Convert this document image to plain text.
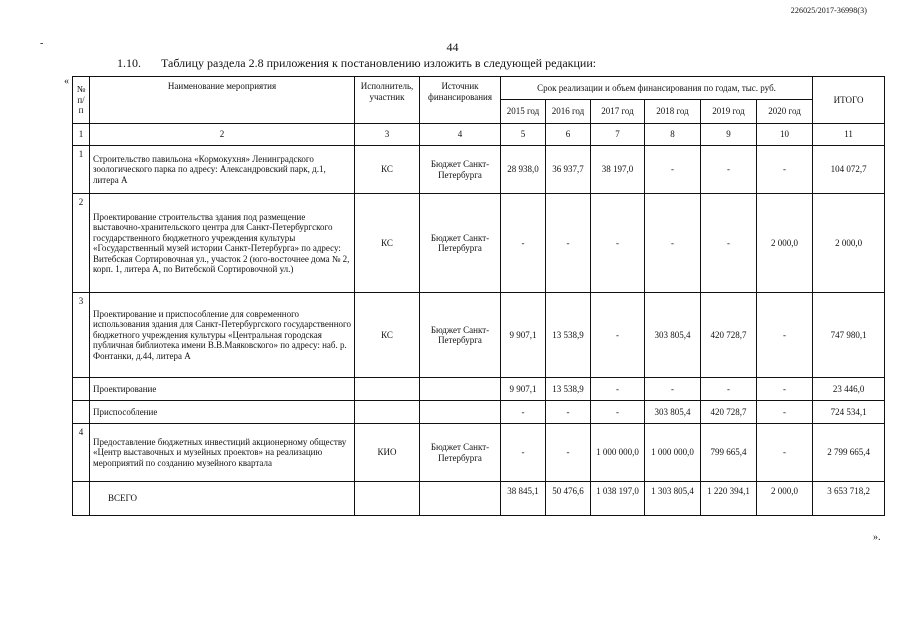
226025/2017-36998(3)
-	44
1.10. Таблицу раздела 2.8 приложения к постановлению изложить в следующей редакции:
«
№ п/п	Наименование мероприятия	Исполнитель, участник	Источник финансирования	Срок реализации и объем финансирования по годам, тыс. руб.						ИТОГО
				2015 год	2016 год	2017 год	2018 год	2019 год	2020 год	
1	2	3	4	5	6	7	8	9	10	11
1	Строительство павильона «Кормокухня» Ленинградского зоологического парка по адресу: Александровский парк, д.1, литера А	КС	Бюджет Санкт-Петербурга	28 938,0	36 937,7	38 197,0	-	-	-	104 072,7
2	Проектирование строительства здания под размещение выставочно-хранительского центра для Санкт-Петербургского государственного бюджетного учреждения культуры «Государственный музей истории Санкт-Петербурга» по адресу: Витебская Сортировочная ул., участок 2 (юго-восточнее дома № 2, корп. 1, литера А, по Витебской Сортировочной ул.)	КС	Бюджет Санкт-Петербурга	-	-	-	-	-	2 000,0	2 000,0
3	Проектирование и приспособление для современного использования здания для Санкт-Петербургского государственного бюджетного учреждения культуры «Центральная городская публичная библиотека имени В.В.Маяковского» по адресу: наб. р. Фонтанки, д.44, литера А	КС	Бюджет Санкт-Петербурга	9 907,1	13 538,9	-	303 805,4	420 728,7	-	747 980,1
	Проектирование			9 907,1	13 538,9	-	-	-	-	23 446,0
	Приспособление			-	-	-	303 805,4	420 728,7	-	724 534,1
4	Предоставление бюджетных инвестиций акционерному обществу «Центр выставочных и музейных проектов» на реализацию мероприятий по созданию музейного квартала	КИО	Бюджет Санкт-Петербурга	-	-	1 000 000,0	1 000 000,0	799 665,4	-	2 799 665,4
	ВСЕГО			38 845,1	50 476,6	1 038 197,0	1 303 805,4	1 220 394,1	2 000,0	3 653 718,2
».
